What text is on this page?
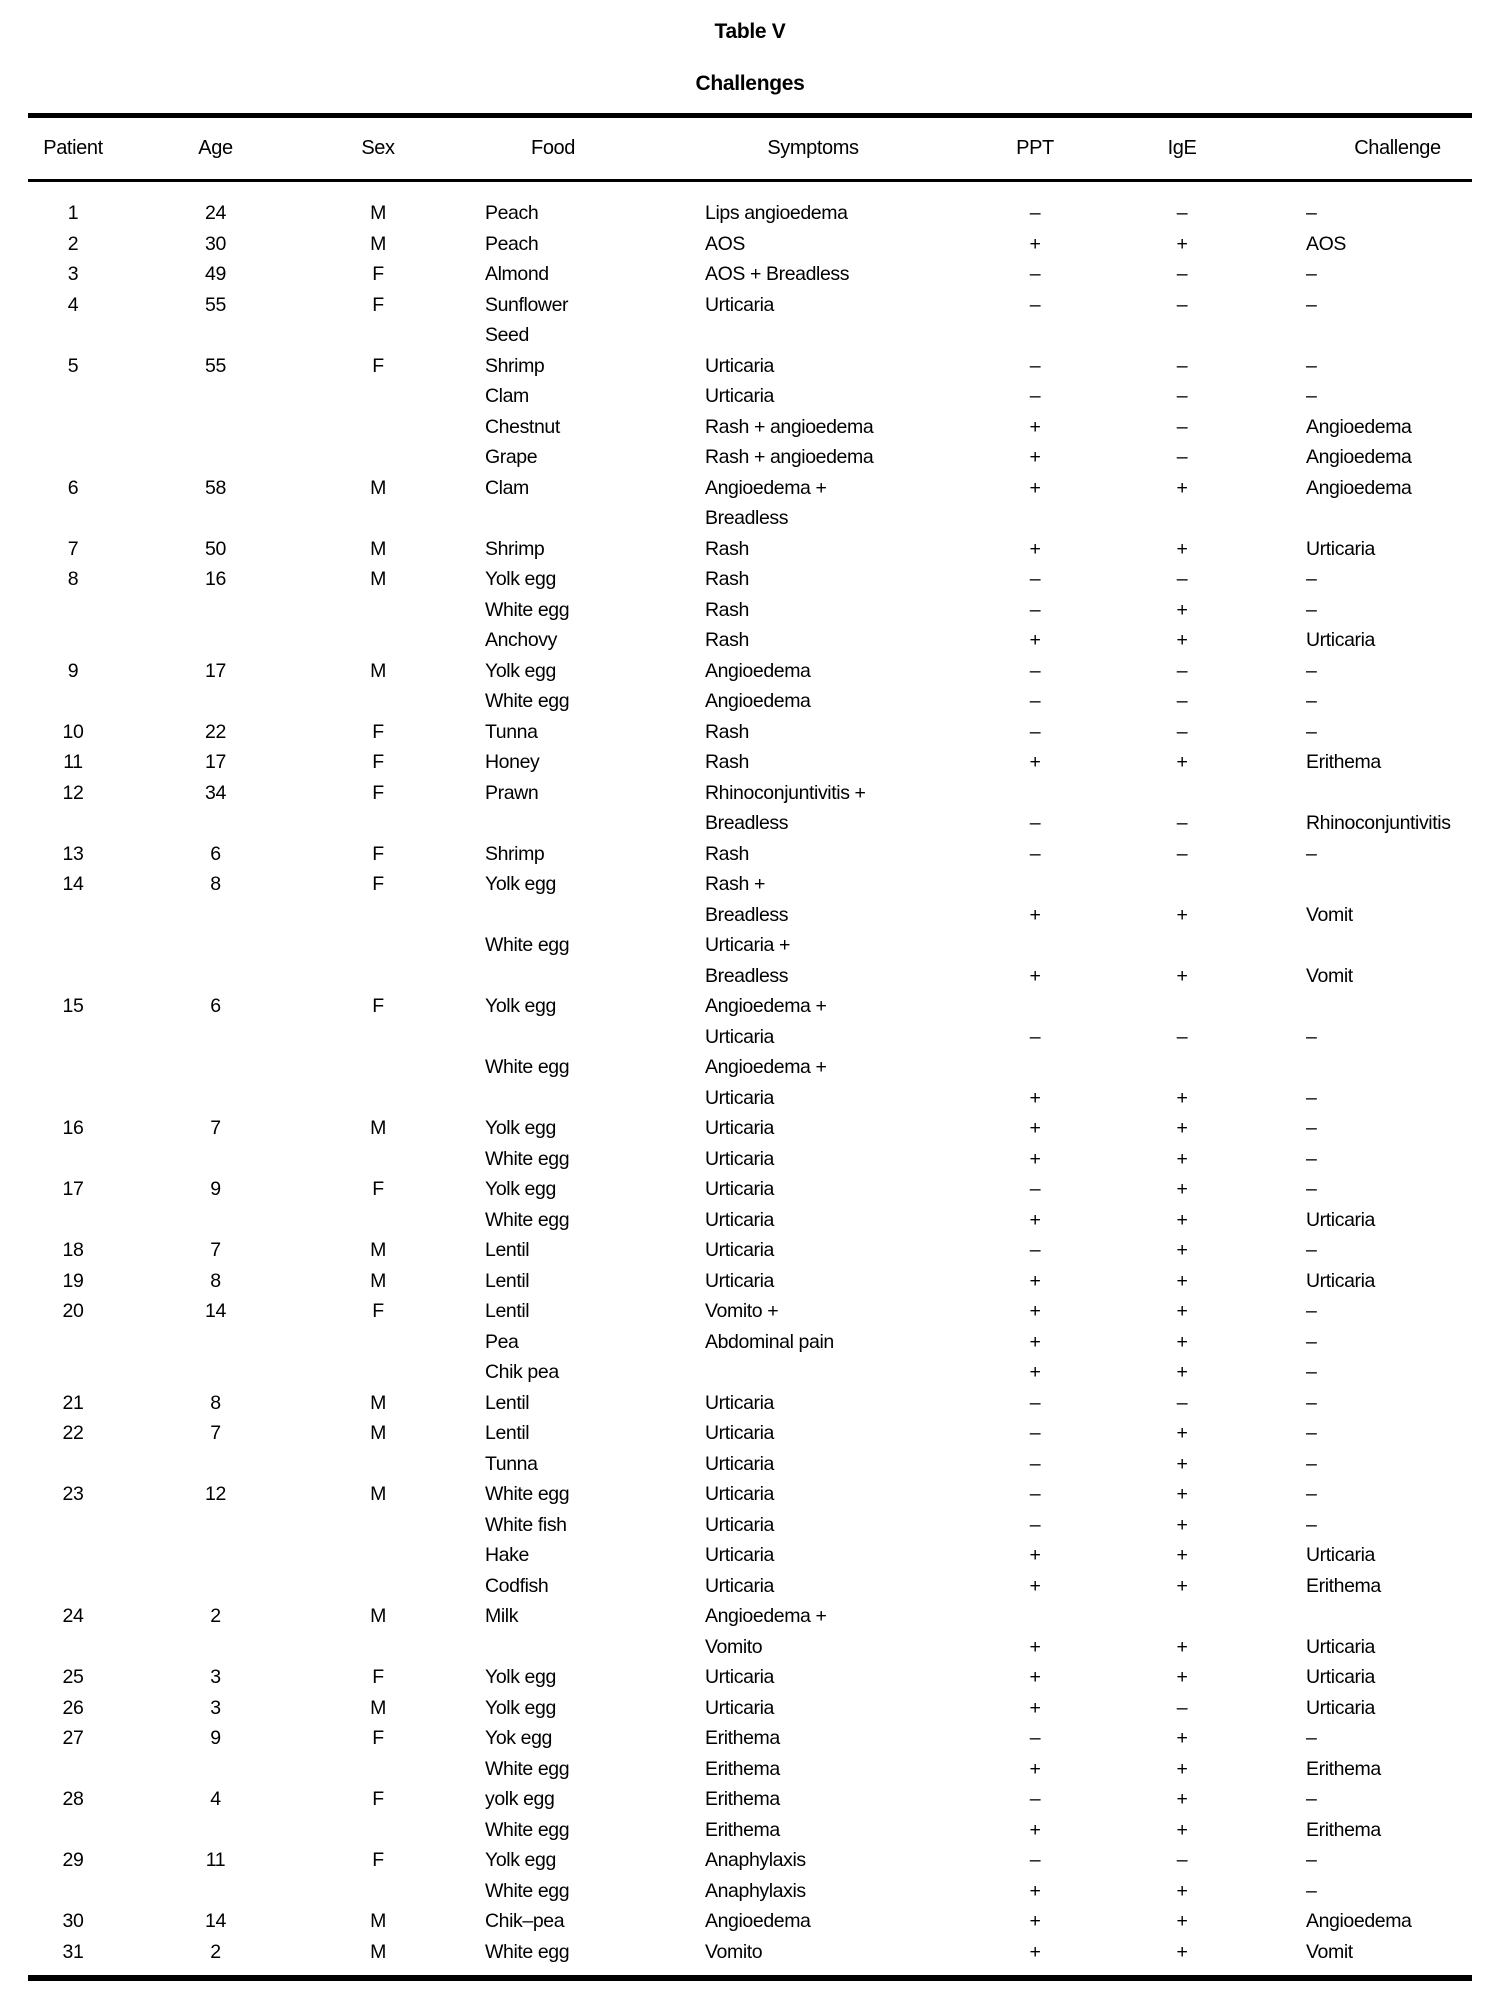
Table V
Challenges
Patient	Age	Sex	Food	Symptoms	PPT	IgE	Challenge
1	24	M	Peach	Lips angioedema	–	–	–
2	30	M	Peach	AOS	+	+	AOS
3	49	F	Almond	AOS + Breadless	–	–	–
4	55	F	Sunflower	Urticaria	–	–	–
			Seed				
5	55	F	Shrimp	Urticaria	–	–	–
			Clam	Urticaria	–	–	–
			Chestnut	Rash + angioedema	+	–	Angioedema
			Grape	Rash + angioedema	+	–	Angioedema
6	58	M	Clam	Angioedema +	+	+	Angioedema
				Breadless			
7	50	M	Shrimp	Rash	+	+	Urticaria
8	16	M	Yolk egg	Rash	–	–	–
			White egg	Rash	–	+	–
			Anchovy	Rash	+	+	Urticaria
9	17	M	Yolk egg	Angioedema	–	–	–
			White egg	Angioedema	–	–	–
10	22	F	Tunna	Rash	–	–	–
11	17	F	Honey	Rash	+	+	Erithema
12	34	F	Prawn	Rhinoconjuntivitis +			
				Breadless	–	–	Rhinoconjuntivitis
13	6	F	Shrimp	Rash	–	–	–
14	8	F	Yolk egg	Rash +			
				Breadless	+	+	Vomit
			White egg	Urticaria +			
				Breadless	+	+	Vomit
15	6	F	Yolk egg	Angioedema +			
				Urticaria	–	–	–
			White egg	Angioedema +			
				Urticaria	+	+	–
16	7	M	Yolk egg	Urticaria	+	+	–
			White egg	Urticaria	+	+	–
17	9	F	Yolk egg	Urticaria	–	+	–
			White egg	Urticaria	+	+	Urticaria
18	7	M	Lentil	Urticaria	–	+	–
19	8	M	Lentil	Urticaria	+	+	Urticaria
20	14	F	Lentil	Vomito +	+	+	–
			Pea	Abdominal pain	+	+	–
			Chik pea		+	+	–
21	8	M	Lentil	Urticaria	–	–	–
22	7	M	Lentil	Urticaria	–	+	–
			Tunna	Urticaria	–	+	–
23	12	M	White egg	Urticaria	–	+	–
			White fish	Urticaria	–	+	–
			Hake	Urticaria	+	+	Urticaria
			Codfish	Urticaria	+	+	Erithema
24	2	M	Milk	Angioedema +			
				Vomito	+	+	Urticaria
25	3	F	Yolk egg	Urticaria	+	+	Urticaria
26	3	M	Yolk egg	Urticaria	+	–	Urticaria
27	9	F	Yok egg	Erithema	–	+	–
			White egg	Erithema	+	+	Erithema
28	4	F	yolk egg	Erithema	–	+	–
			White egg	Erithema	+	+	Erithema
29	11	F	Yolk egg	Anaphylaxis	–	–	–
			White egg	Anaphylaxis	+	+	–
30	14	M	Chik–pea	Angioedema	+	+	Angioedema
31	2	M	White egg	Vomito	+	+	Vomit
